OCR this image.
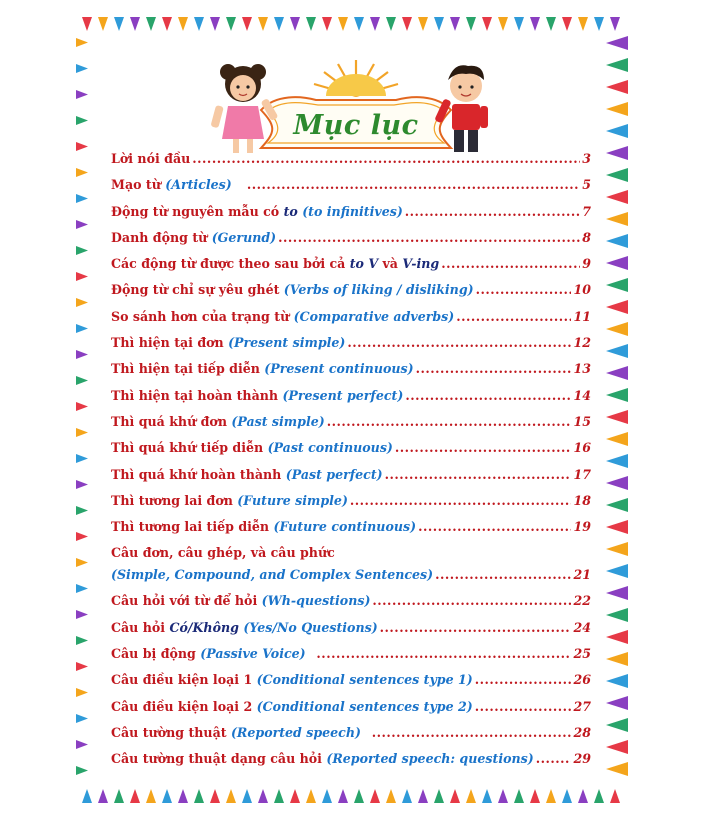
Mục lục
Lời nói đầu .....	3
Mạo từ
(Articles)
.....	5
Động từ nguyên mẫu có
to
(to infinitives) .....	7
Danh động từ
(Gerund) .....	8
Các động từ được theo sau bởi cả
to V
và
V-ing .....	9
Động từ chỉ sự yêu ghét
(Verbs of liking / disliking) .....	10
So sánh hơn của trạng từ
(Comparative adverbs) .....	11
Thì hiện tại đơn
(Present simple) .....	12
Thì hiện tại tiếp diễn
(Present continuous) .....	13
Thì hiện tại hoàn thành
(Present perfect) .....	14
Thì quá khứ đơn
(Past simple) .....	15
Thì quá khứ tiếp diễn
(Past continuous) .....	16
Thì quá khứ hoàn thành
(Past perfect) .....	17
Thì tương lai đơn
(Future simple) .....	18
Thì tương lai tiếp diễn
(Future continuous) .....	19
Câu đơn, câu ghép, và câu phức
(Simple, Compound, and Complex Sentences) .....	21
Câu hỏi với từ để hỏi
(Wh-questions) .....	22
Câu hỏi
Có/Không
(Yes/No Questions) .....	24
Câu bị động
(Passive Voice)
.....	25
Câu điều kiện loại 1
(Conditional sentences type 1) .....	26
Câu điều kiện loại 2
(Conditional sentences type 2) .....	27
Câu tường thuật
(Reported speech)
.....	28
Câu tường thuật dạng câu hỏi
(Reported speech: questions) .....	29
